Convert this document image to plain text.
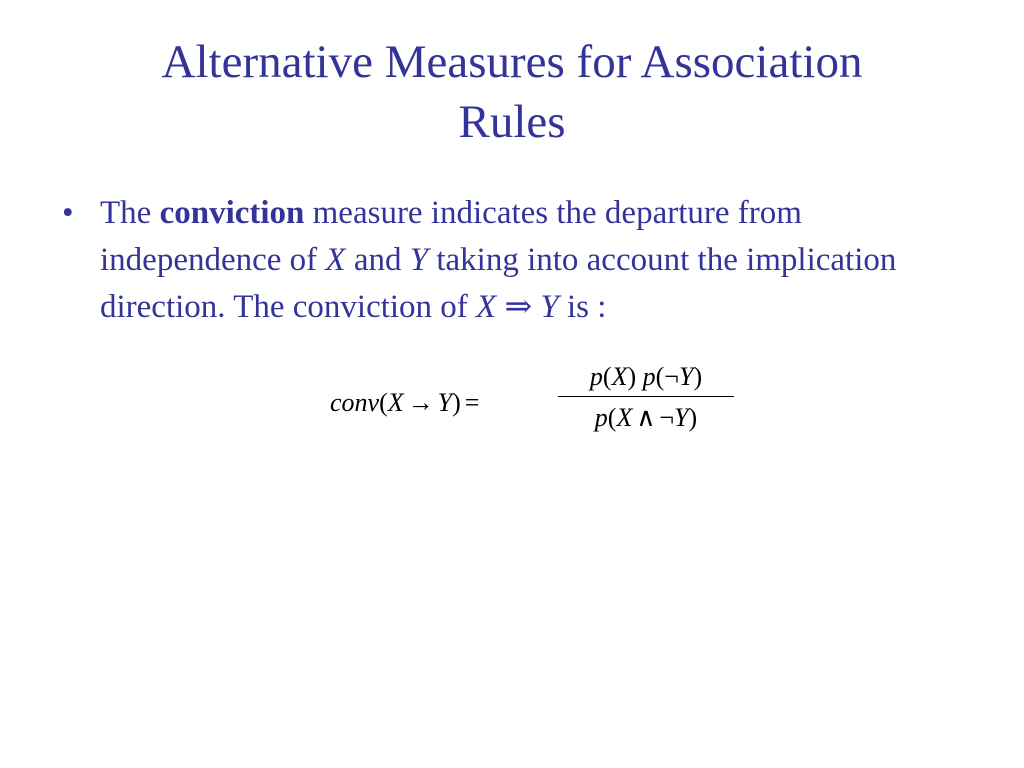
Alternative Measures for Association
Rules
• The conviction measure indicates the departure from independence of X and Y taking into account the implication direction. The conviction of X ⇒ Y is :
conv(X → Y) =
p(X) p(¬Y)
p(X ∧ ¬Y)
